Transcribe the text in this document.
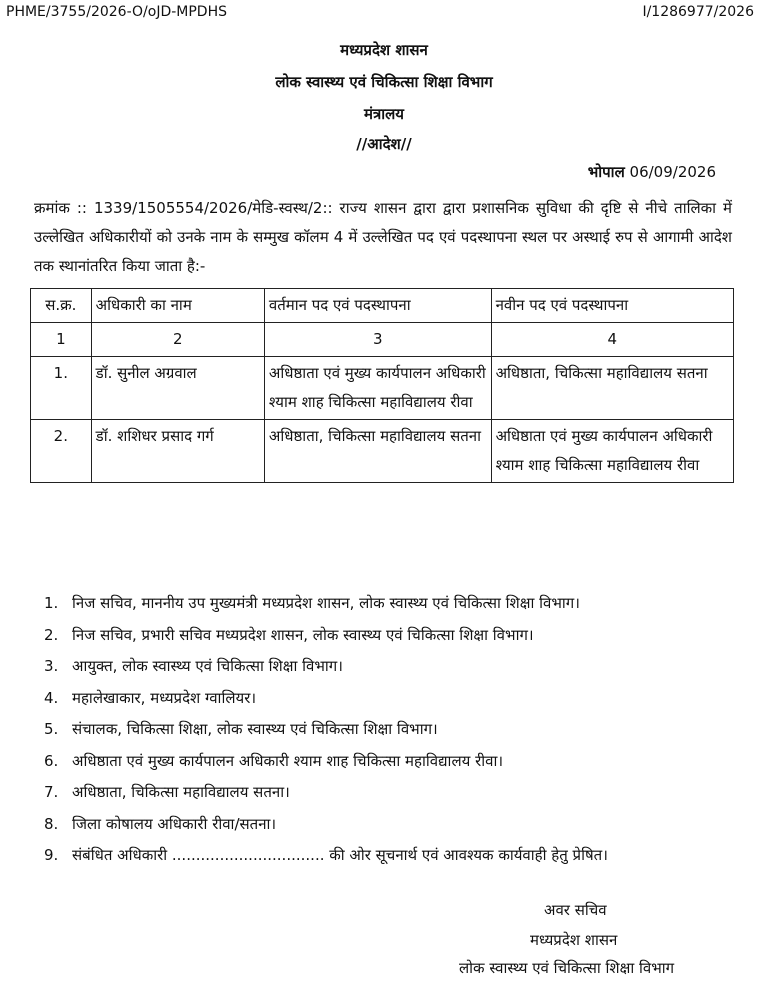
PHME/3755/2026-O/oJD-MPDHS	I/1286977/2026
मध्यप्रदेश शासन
लोक स्वास्थ्य एवं चिकित्सा शिक्षा विभाग
मंत्रालय
//आदेश//
भोपाल 06/09/2026
क्रमांक :: 1339/1505554/2026/मेडि-स्वस्थ/2:: राज्य शासन द्वारा द्वारा प्रशासनिक सुविधा की दृष्टि से नीचे तालिका में उल्लेखित अधिकारीयों को उनके नाम के सम्मुख कॉलम 4 में उल्लेखित पद एवं पदस्थापना स्थल पर अस्थाई रुप से आगामी आदेश तक स्थानांतरित किया जाता है:-
स.क्र.	अधिकारी का नाम	वर्तमान पद एवं पदस्थापना	नवीन पद एवं पदस्थापना
1	2	3	4
1.	डॉ. सुनील अग्रवाल	अधिष्ठाता एवं मुख्य कार्यपालन अधिकारी श्याम शाह चिकित्सा महाविद्यालय रीवा	अधिष्ठाता, चिकित्सा महाविद्यालय सतना
2.	डॉ. शशिधर प्रसाद गर्ग	अधिष्ठाता, चिकित्सा महाविद्यालय सतना	अधिष्ठाता एवं मुख्य कार्यपालन अधिकारी श्याम शाह चिकित्सा महाविद्यालय रीवा
1. निज सचिव, माननीय उप मुख्यमंत्री मध्यप्रदेश शासन, लोक स्वास्थ्य एवं चिकित्सा शिक्षा विभाग।
2. निज सचिव, प्रभारी सचिव मध्यप्रदेश शासन, लोक स्वास्थ्य एवं चिकित्सा शिक्षा विभाग।
3. आयुक्त, लोक स्वास्थ्य एवं चिकित्सा शिक्षा विभाग।
4. महालेखाकार, मध्यप्रदेश ग्वालियर।
5. संचालक, चिकित्सा शिक्षा, लोक स्वास्थ्य एवं चिकित्सा शिक्षा विभाग।
6. अधिष्ठाता एवं मुख्य कार्यपालन अधिकारी श्याम शाह चिकित्सा महाविद्यालय रीवा।
7. अधिष्ठाता, चिकित्सा महाविद्यालय सतना।
8. जिला कोषालय अधिकारी रीवा/सतना।
9. संबंधित अधिकारी ................................ की ओर सूचनार्थ एवं आवश्यक कार्यवाही हेतु प्रेषित।
अवर सचिव
मध्यप्रदेश शासन
लोक स्वास्थ्य एवं चिकित्सा शिक्षा विभाग
